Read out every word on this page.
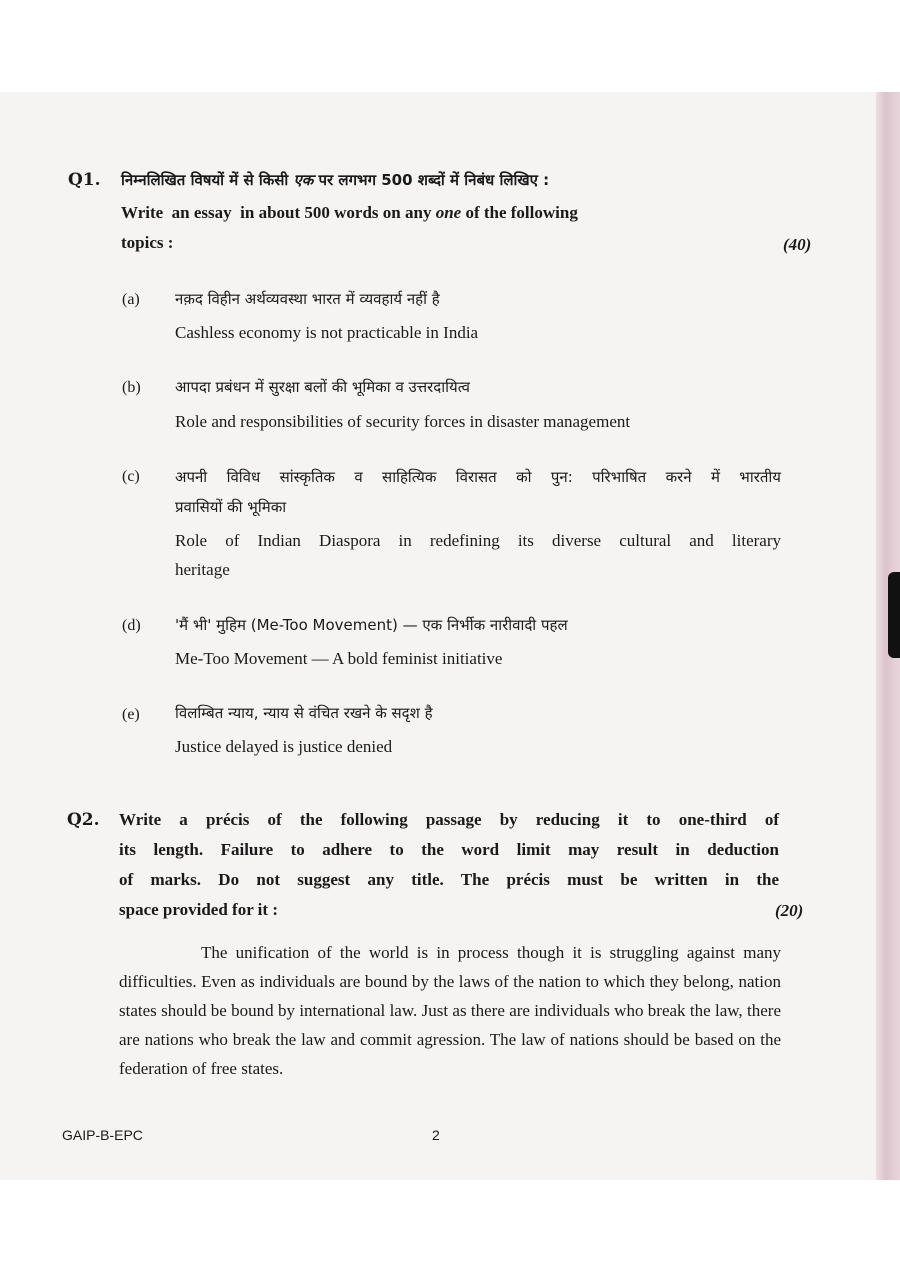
Q1. निम्नलिखित विषयों में से किसी एक पर लगभग 500 शब्दों में निबंध लिखिए :
Write  an essay  in about 500 words on any one of the following
topics :	(40)
(a) नक़द विहीन अर्थव्यवस्था भारत में व्यवहार्य नहीं है
Cashless economy is not practicable in India
(b) आपदा प्रबंधन में सुरक्षा बलों की भूमिका व उत्तरदायित्व
Role and responsibilities of security forces in disaster management
(c) अपनी विविध सांस्कृतिक व साहित्यिक विरासत को पुन: परिभाषित करने में भारतीय
प्रवासियों की भूमिका
Role of Indian Diaspora in redefining its diverse cultural and literary
heritage
(d) 'मैं भी' मुहिम (Me-Too Movement) — एक निर्भीक नारीवादी पहल
Me-Too Movement — A bold feminist initiative
(e) विलम्बित न्याय, न्याय से वंचित रखने के सदृश है
Justice delayed is justice denied
Q2. Write a précis of the following passage by reducing it to one-third of
its length. Failure to adhere to the word limit may result in deduction
of marks. Do not suggest any title. The précis must be written in the
space provided for it :	(20)
The unification of the world is in process though it is struggling against many difficulties. Even as individuals are bound by the laws of the nation to which they belong, nation states should be bound by international law. Just as there are individuals who break the law, there are nations who break the law and commit agression. The law of nations should be based on the federation of free states.
GAIP-B-EPC	2
